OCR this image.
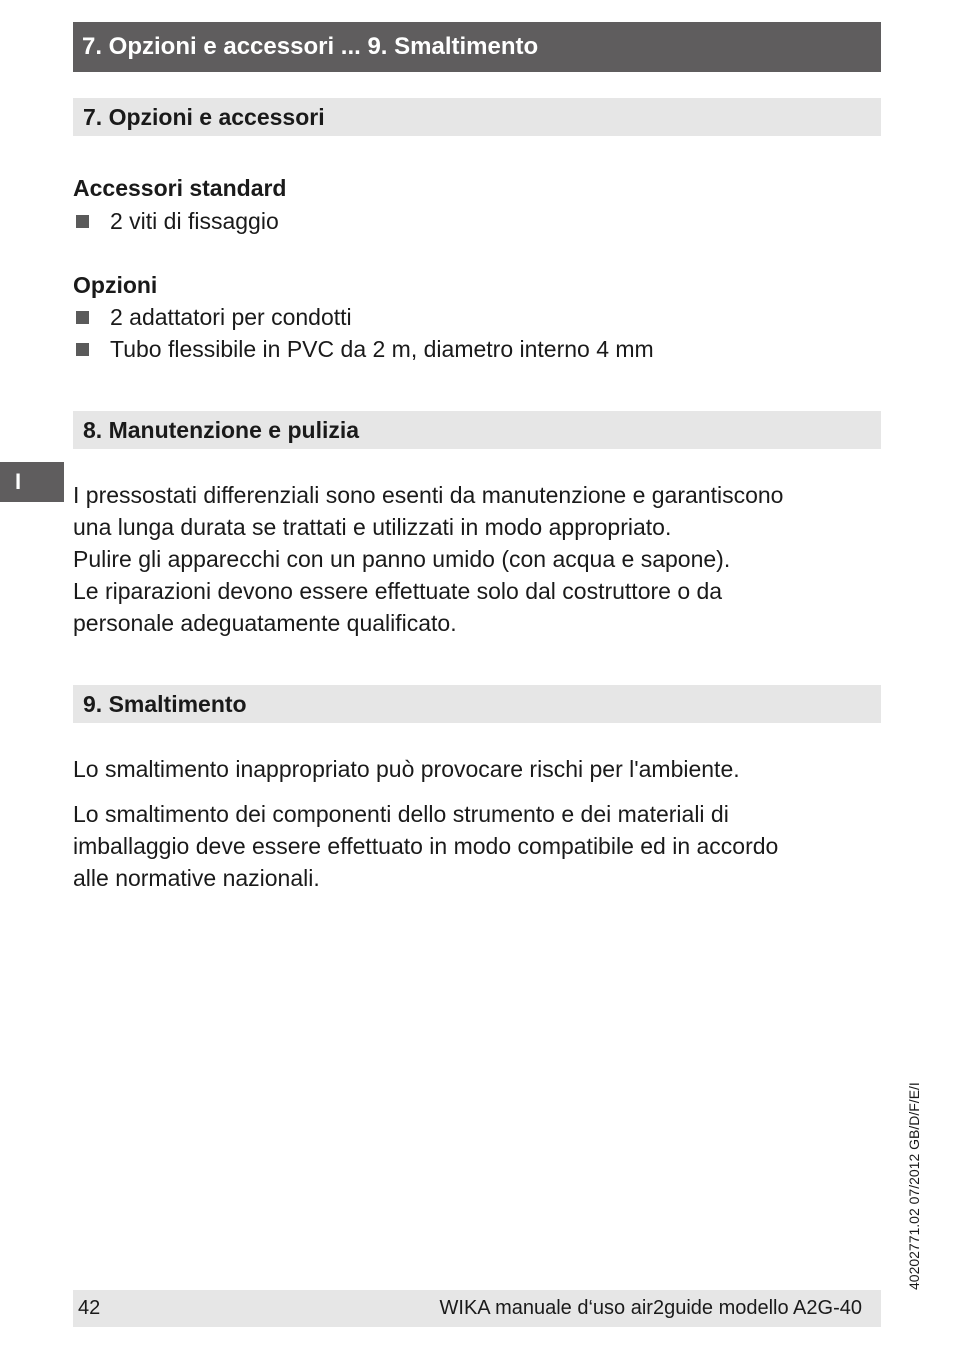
7. Opzioni e accessori ... 9. Smaltimento
7. Opzioni e accessori
Accessori standard
2 viti di fissaggio
Opzioni
2 adattatori per condotti
Tubo flessibile in PVC da 2 m, diametro interno 4 mm
8. Manutenzione e pulizia
I
I pressostati differenziali sono esenti da manutenzione e garantiscono
una lunga durata se trattati e utilizzati in modo appropriato.
Pulire gli apparecchi con un panno umido (con acqua e sapone).
Le riparazioni devono essere effettuate solo dal costruttore o da
personale adeguatamente qualificato.
9. Smaltimento
Lo smaltimento inappropriato può provocare rischi per l'ambiente.
Lo smaltimento dei componenti dello strumento e dei materiali di
imballaggio deve essere effettuato in modo compatibile ed in accordo
alle normative nazionali.
40202771.02 07/2012 GB/D/F/E/I
42	WIKA manuale d‘uso air2guide modello A2G-40
